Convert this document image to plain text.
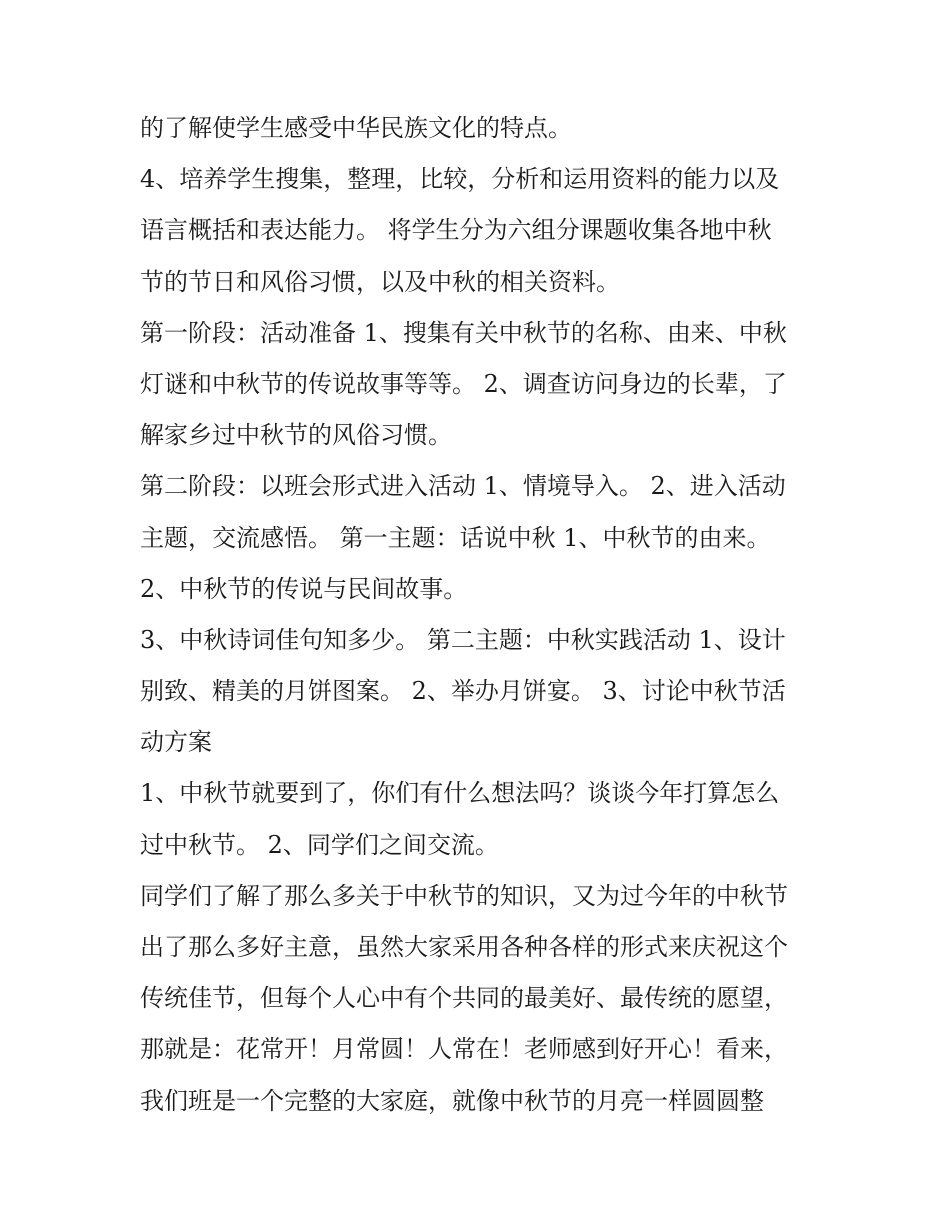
的了解使学生感受中华民族文化的特点。
4、培养学生搜集，整理，比较，分析和运用资料的能力以及
语言概括和表达能力。 将学生分为六组分课题收集各地中秋
节的节日和风俗习惯，以及中秋的相关资料。
第一阶段：活动准备 1、搜集有关中秋节的名称、由来、中秋
灯谜和中秋节的传说故事等等。 2、调查访问身边的长辈，了
解家乡过中秋节的风俗习惯。
第二阶段：以班会形式进入活动 1、情境导入。 2、进入活动
主题，交流感悟。 第一主题：话说中秋 1、中秋节的由来。
2、中秋节的传说与民间故事。
3、中秋诗词佳句知多少。 第二主题：中秋实践活动 1、设计
别致、精美的月饼图案。 2、举办月饼宴。 3、讨论中秋节活
动方案
1、中秋节就要到了，你们有什么想法吗？谈谈今年打算怎么
过中秋节。 2、同学们之间交流。
同学们了解了那么多关于中秋节的知识，又为过今年的中秋节
出了那么多好主意，虽然大家采用各种各样的形式来庆祝这个
传统佳节，但每个人心中有个共同的最美好、最传统的愿望，
那就是：花常开！月常圆！人常在！老师感到好开心！看来，
我们班是一个完整的大家庭，就像中秋节的月亮一样圆圆整
